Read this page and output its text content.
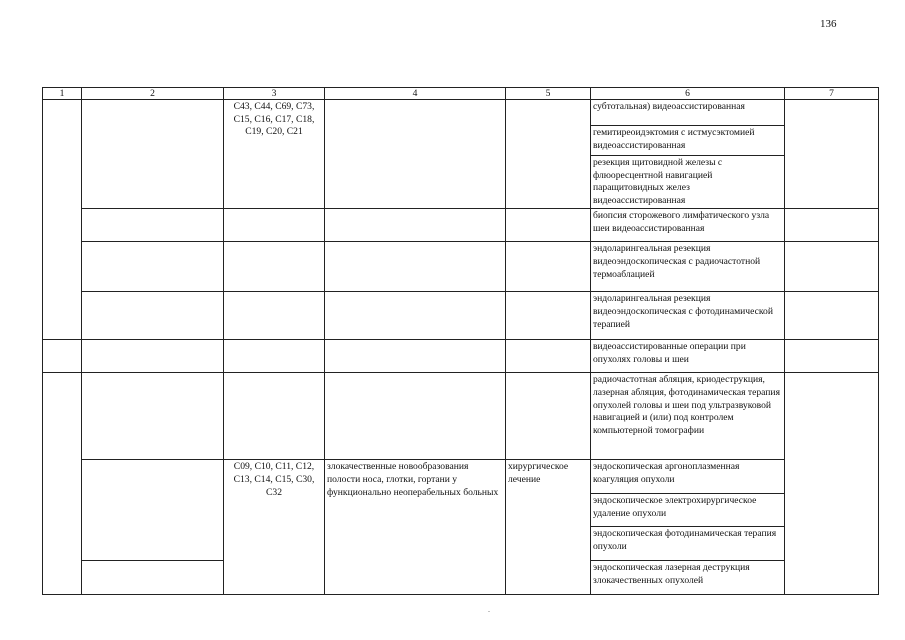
136
1	2	3	4	5	6	7
		C43, C44, C69, C73, C15, C16, C17, C18, C19, C20, C21			субтотальная) видеоассистированная	
					гемитиреоидэктомия с истмусэктомией видеоассистированная	
					резекция щитовидной железы с флюоресцентной навигацией паращитовидных желез видеоассистированная	
					биопсия сторожевого лимфатического узла шеи видеоассистированная	
					эндоларингеальная резекция видеоэндоскопическая с радиочастотной термоаблацией	
					эндоларингеальная резекция видеоэндоскопическая с фотодинамической терапией	
					видеоассистированные операции при опухолях головы и шеи	
					радиочастотная абляция, криодеструкция, лазерная абляция, фотодинамическая терапия опухолей головы и шеи под ультразвуковой навигацией и (или) под контролем компьютерной томографии	
		C09, C10, C11, C12, C13, C14, C15, C30, C32	злокачественные новообразования полости носа, глотки, гортани у функционально неоперабельных больных	хирургическое лечение	эндоскопическая аргоноплазменная коагуляция опухоли	
					эндоскопическое электрохирургическое удаление опухоли	
					эндоскопическая фотодинамическая терапия опухоли	
					эндоскопическая лазерная деструкция злокачественных опухолей	
.
